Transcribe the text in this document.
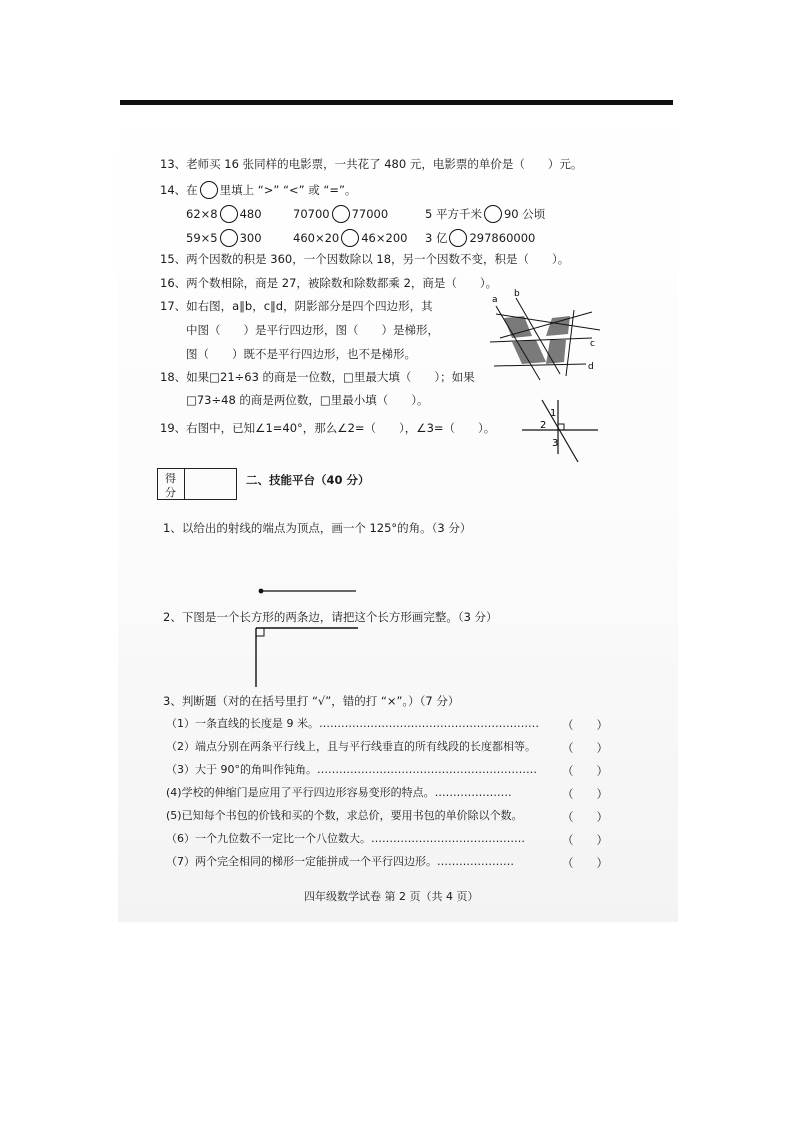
13、老师买 16 张同样的电影票，一共花了 480 元，电影票的单价是（　　）元。
14、在 里填上 “>” “<” 或 “=”。
62×8 480	70700 77000	5 平方千米 90 公顷
59×5 300	460×20 46×200 3 亿 297860000
15、两个因数的积是 360，一个因数除以 18，另一个因数不变，积是（　　）。
16、两个数相除，商是 27，被除数和除数都乘 2，商是（　　）。
17、如右图，a∥b，c∥d，阴影部分是四个四边形，其
中图（　　）是平行四边形，图（　　）是梯形，
图（　　）既不是平行四边形，也不是梯形。
a
b
c
d
18、如果□21÷63 的商是一位数，□里最大填（　　）；如果
□73÷48 的商是两位数，□里最小填（　　）。
19、右图中，已知∠1=40°，那么∠2=（　　），∠3=（　　）。
1
2
3
得
分
二、技能平台（40 分）
1、以给出的射线的端点为顶点，画一个 125°的角。（3 分）
2、下图是一个长方形的两条边，请把这个长方形画完整。（3 分）
3、判断题（对的在括号里打 “√”，错的打 “×”。）（7 分）
（1）一条直线的长度是 9 米。…………………………………………………… （　　）
（2）端点分别在两条平行线上，且与平行线垂直的所有线段的长度都相等。 （　　）
（3）大于 90°的角叫作钝角。…………………………………………………… （　　）
(4)学校的伸缩门是应用了平行四边形容易变形的特点。…………………	（　　）
(5)已知每个书包的价钱和买的个数，求总价，要用书包的单价除以个数。	（　　）
（6）一个九位数不一定比一个八位数大。……………………………………	（　　）
（7）两个完全相同的梯形一定能拼成一个平行四边形。…………………	（　　）
四年级数学试卷 第 2 页（共 4 页）
